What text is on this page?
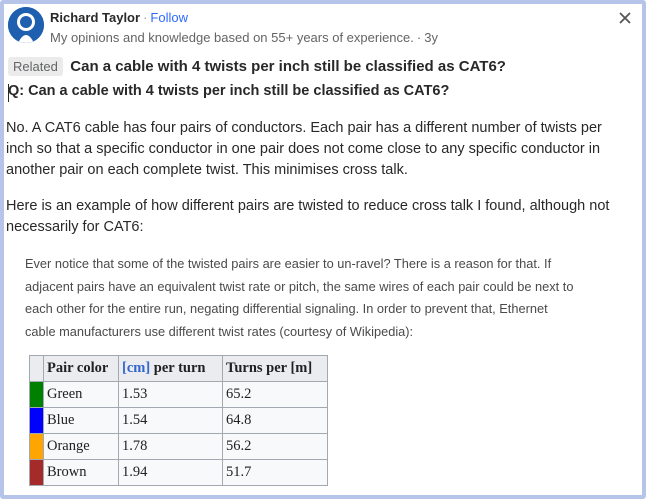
Richard Taylor · Follow
My opinions and knowledge based on 55+ years of experience. · 3y
Related Can a cable with 4 twists per inch still be classified as CAT6?
Q: Can a cable with 4 twists per inch still be classified as CAT6?
No. A CAT6 cable has four pairs of conductors. Each pair has a different number of twists per
inch so that a specific conductor in one pair does not come close to any specific conductor in
another pair on each complete twist. This minimises cross talk.
Here is an example of how different pairs are twisted to reduce cross talk I found, although not
necessarily for CAT6:
Ever notice that some of the twisted pairs are easier to un-ravel? There is a reason for that. If
adjacent pairs have an equivalent twist rate or pitch, the same wires of each pair could be next to
each other for the entire run, negating differential signaling. In order to prevent that, Ethernet
cable manufacturers use different twist rates (courtesy of Wikipedia):
	Pair color	[cm] per turn	Turns per [m]
	Green	1.53	65.2
	Blue	1.54	64.8
	Orange	1.78	56.2
	Brown	1.94	51.7
